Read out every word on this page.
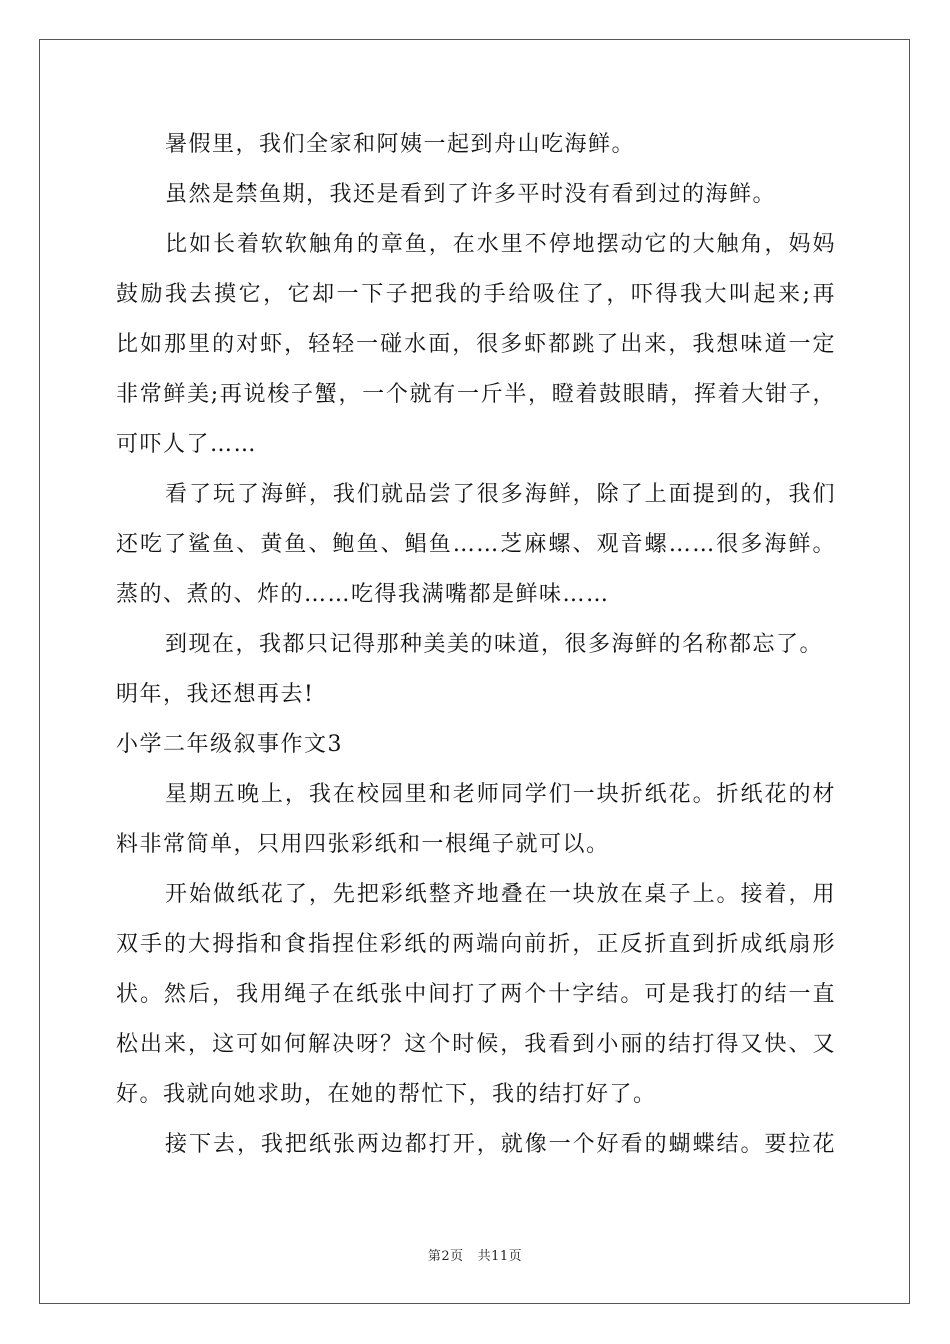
暑假里，我们全家和阿姨一起到舟山吃海鲜。
虽然是禁鱼期，我还是看到了许多平时没有看到过的海鲜。
比如长着软软触角的章鱼，在水里不停地摆动它的大触角，妈妈
鼓励我去摸它，它却一下子把我的手给吸住了，吓得我大叫起来;再
比如那里的对虾，轻轻一碰水面，很多虾都跳了出来，我想味道一定
非常鲜美;再说梭子蟹，一个就有一斤半，瞪着鼓眼睛，挥着大钳子，
可吓人了……
看了玩了海鲜，我们就品尝了很多海鲜，除了上面提到的，我们
还吃了鲨鱼、黄鱼、鲍鱼、鲳鱼……芝麻螺、观音螺……很多海鲜。
蒸的、煮的、炸的……吃得我满嘴都是鲜味……
到现在，我都只记得那种美美的味道，很多海鲜的名称都忘了。
明年，我还想再去!
小学二年级叙事作文3
星期五晚上，我在校园里和老师同学们一块折纸花。折纸花的材
料非常简单，只用四张彩纸和一根绳子就可以。
开始做纸花了，先把彩纸整齐地叠在一块放在桌子上。接着，用
双手的大拇指和食指捏住彩纸的两端向前折，正反折直到折成纸扇形
状。然后，我用绳子在纸张中间打了两个十字结。可是我打的结一直
松出来，这可如何解决呀？这个时候，我看到小丽的结打得又快、又
好。我就向她求助，在她的帮忙下，我的结打好了。
接下去，我把纸张两边都打开，就像一个好看的蝴蝶结。要拉花
第2页 共11页
